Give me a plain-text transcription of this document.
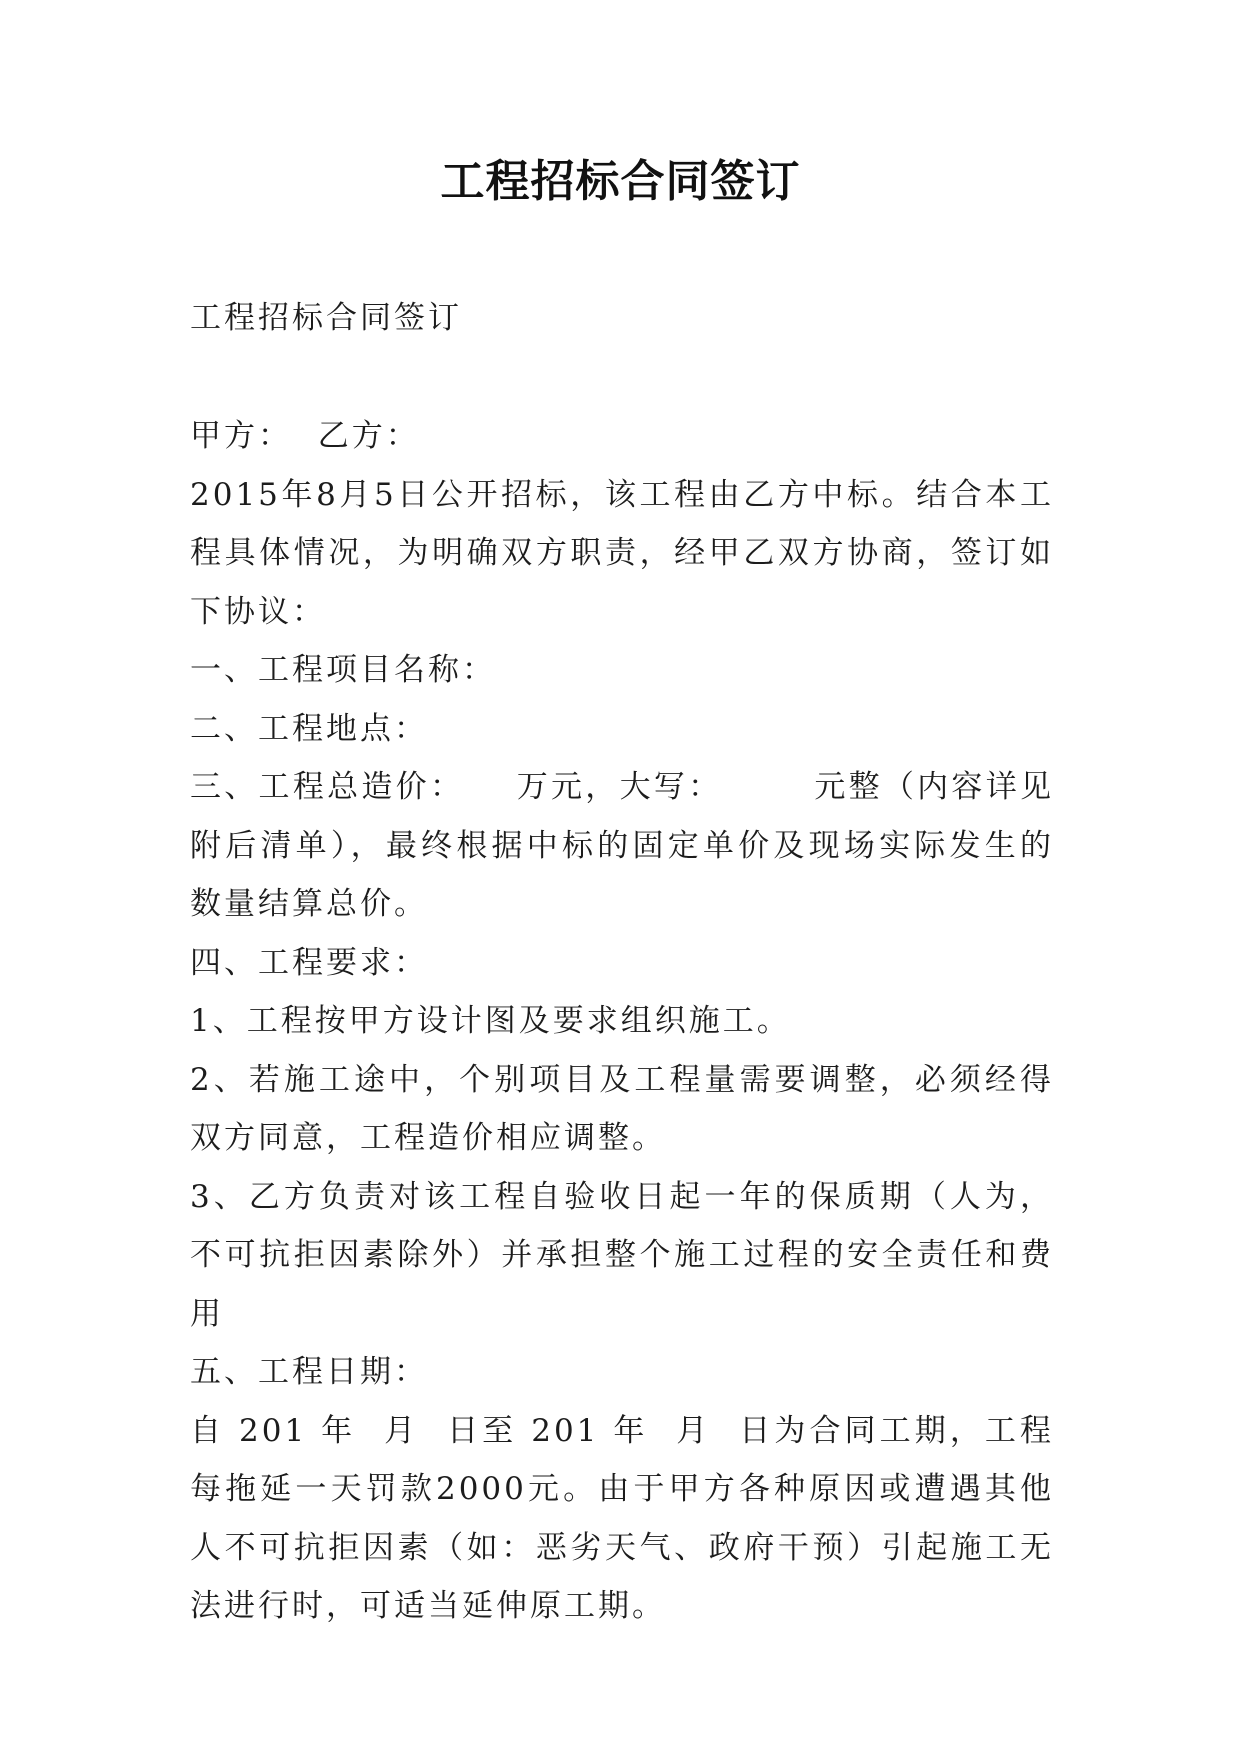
工程招标合同签订

工程招标合同签订

甲方：  乙方：

2015年8月5日公开招标，该工程由乙方中标。结合本工程具体情况，为明确双方职责，经甲乙双方协商，签订如下协议：

一、工程项目名称：

二、工程地点：

三、工程总造价：    万元，大写：       元整（内容详见附后清单），最终根据中标的固定单价及现场实际发生的数量结算总价。

四、工程要求：

1、工程按甲方设计图及要求组织施工。

2、若施工途中，个别项目及工程量需要调整，必须经得双方同意，工程造价相应调整。

3、乙方负责对该工程自验收日起一年的保质期（人为，不可抗拒因素除外）并承担整个施工过程的安全责任和费用

五、工程日期：

自 201 年  月  日至 201 年  月  日为合同工期，工程每拖延一天罚款2000元。由于甲方各种原因或遭遇其他人不可抗拒因素（如：恶劣天气、政府干预）引起施工无法进行时，可适当延伸原工期。
